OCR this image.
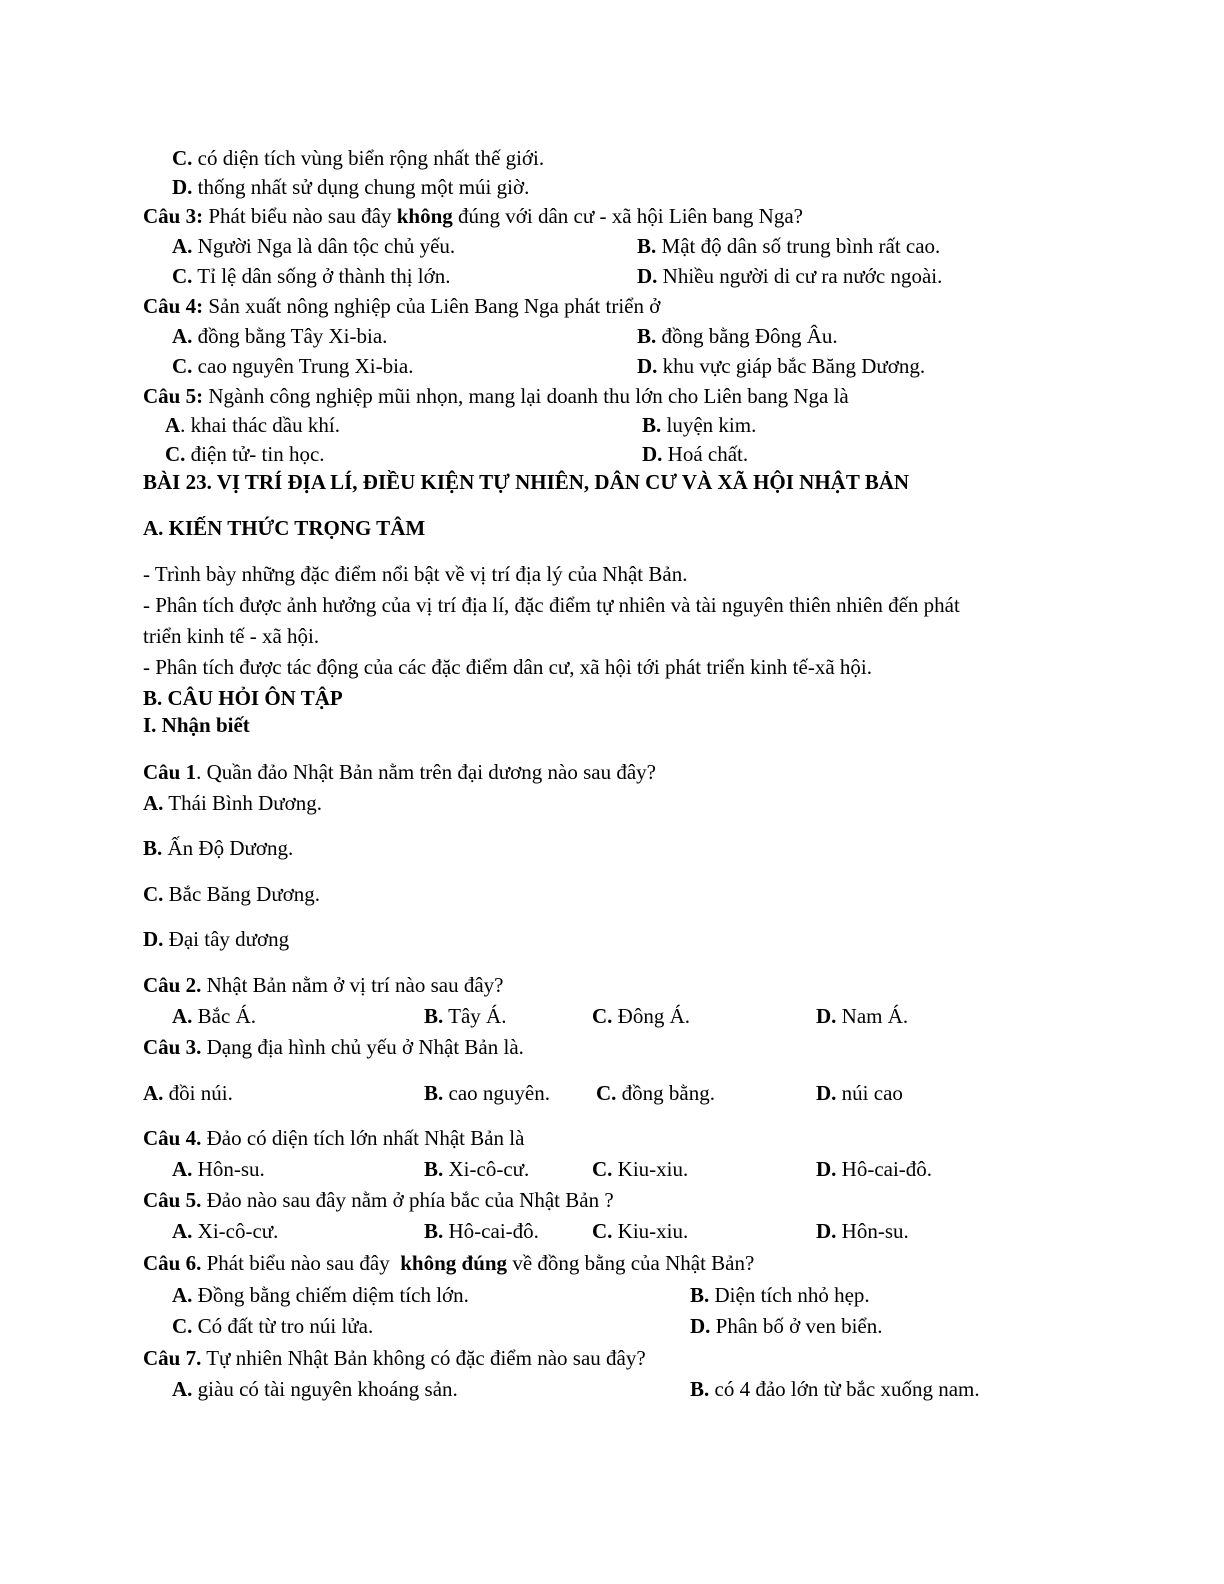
C. có diện tích vùng biển rộng nhất thế giới.
D. thống nhất sử dụng chung một múi giờ.
Câu 3: Phát biểu nào sau đây không đúng với dân cư - xã hội Liên bang Nga?
A. Người Nga là dân tộc chủ yếu.	B. Mật độ dân số trung bình rất cao.
C. Tỉ lệ dân sống ở thành thị lớn.	D. Nhiều người di cư ra nước ngoài.
Câu 4: Sản xuất nông nghiệp của Liên Bang Nga phát triển ở
A. đồng bằng Tây Xi-bia.	B. đồng bằng Đông Âu.
C. cao nguyên Trung Xi-bia.	D. khu vực giáp bắc Băng Dương.
Câu 5: Ngành công nghiệp mũi nhọn, mang lại doanh thu lớn cho Liên bang Nga là
A. khai thác dầu khí.	B. luyện kim.
C. điện tử- tin học.	D. Hoá chất.
BÀI 23. VỊ TRÍ ĐỊA LÍ, ĐIỀU KIỆN TỰ NHIÊN, DÂN CƯ VÀ XÃ HỘI NHẬT BẢN
A. KIẾN THỨC TRỌNG TÂM
- Trình bày những đặc điểm nổi bật về vị trí địa lý của Nhật Bản.
- Phân tích được ảnh hưởng của vị trí địa lí, đặc điểm tự nhiên và tài nguyên thiên nhiên đến phát
triển kinh tế - xã hội.
- Phân tích được tác động của các đặc điểm dân cư, xã hội tới phát triển kinh tế-xã hội.
B. CÂU HỎI ÔN TẬP
I. Nhận biết
Câu 1. Quần đảo Nhật Bản nằm trên đại dương nào sau đây?
A. Thái Bình Dương.
B. Ấn Độ Dương.
C. Bắc Băng Dương.
D. Đại tây dương
Câu 2. Nhật Bản nằm ở vị trí nào sau đây?
A. Bắc Á.	B. Tây Á.	C. Đông Á.	D. Nam Á.
Câu 3. Dạng địa hình chủ yếu ở Nhật Bản là.
A. đồi núi.	B. cao nguyên. C. đồng bằng.	D. núi cao
Câu 4. Đảo có diện tích lớn nhất Nhật Bản là
A. Hôn-su.	B. Xi-cô-cư.	C. Kiu-xiu.	D. Hô-cai-đô.
Câu 5. Đảo nào sau đây nằm ở phía bắc của Nhật Bản ?
A. Xi-cô-cư.	B. Hô-cai-đô.	C. Kiu-xiu.	D. Hôn-su.
Câu 6. Phát biểu nào sau đây không đúng về đồng bằng của Nhật Bản?
A. Đồng bằng chiếm diệm tích lớn.	B. Diện tích nhỏ hẹp.
C. Có đất từ tro núi lửa.	D. Phân bố ở ven biển.
Câu 7. Tự nhiên Nhật Bản không có đặc điểm nào sau đây?
A. giàu có tài nguyên khoáng sản.	B. có 4 đảo lớn từ bắc xuống nam.
